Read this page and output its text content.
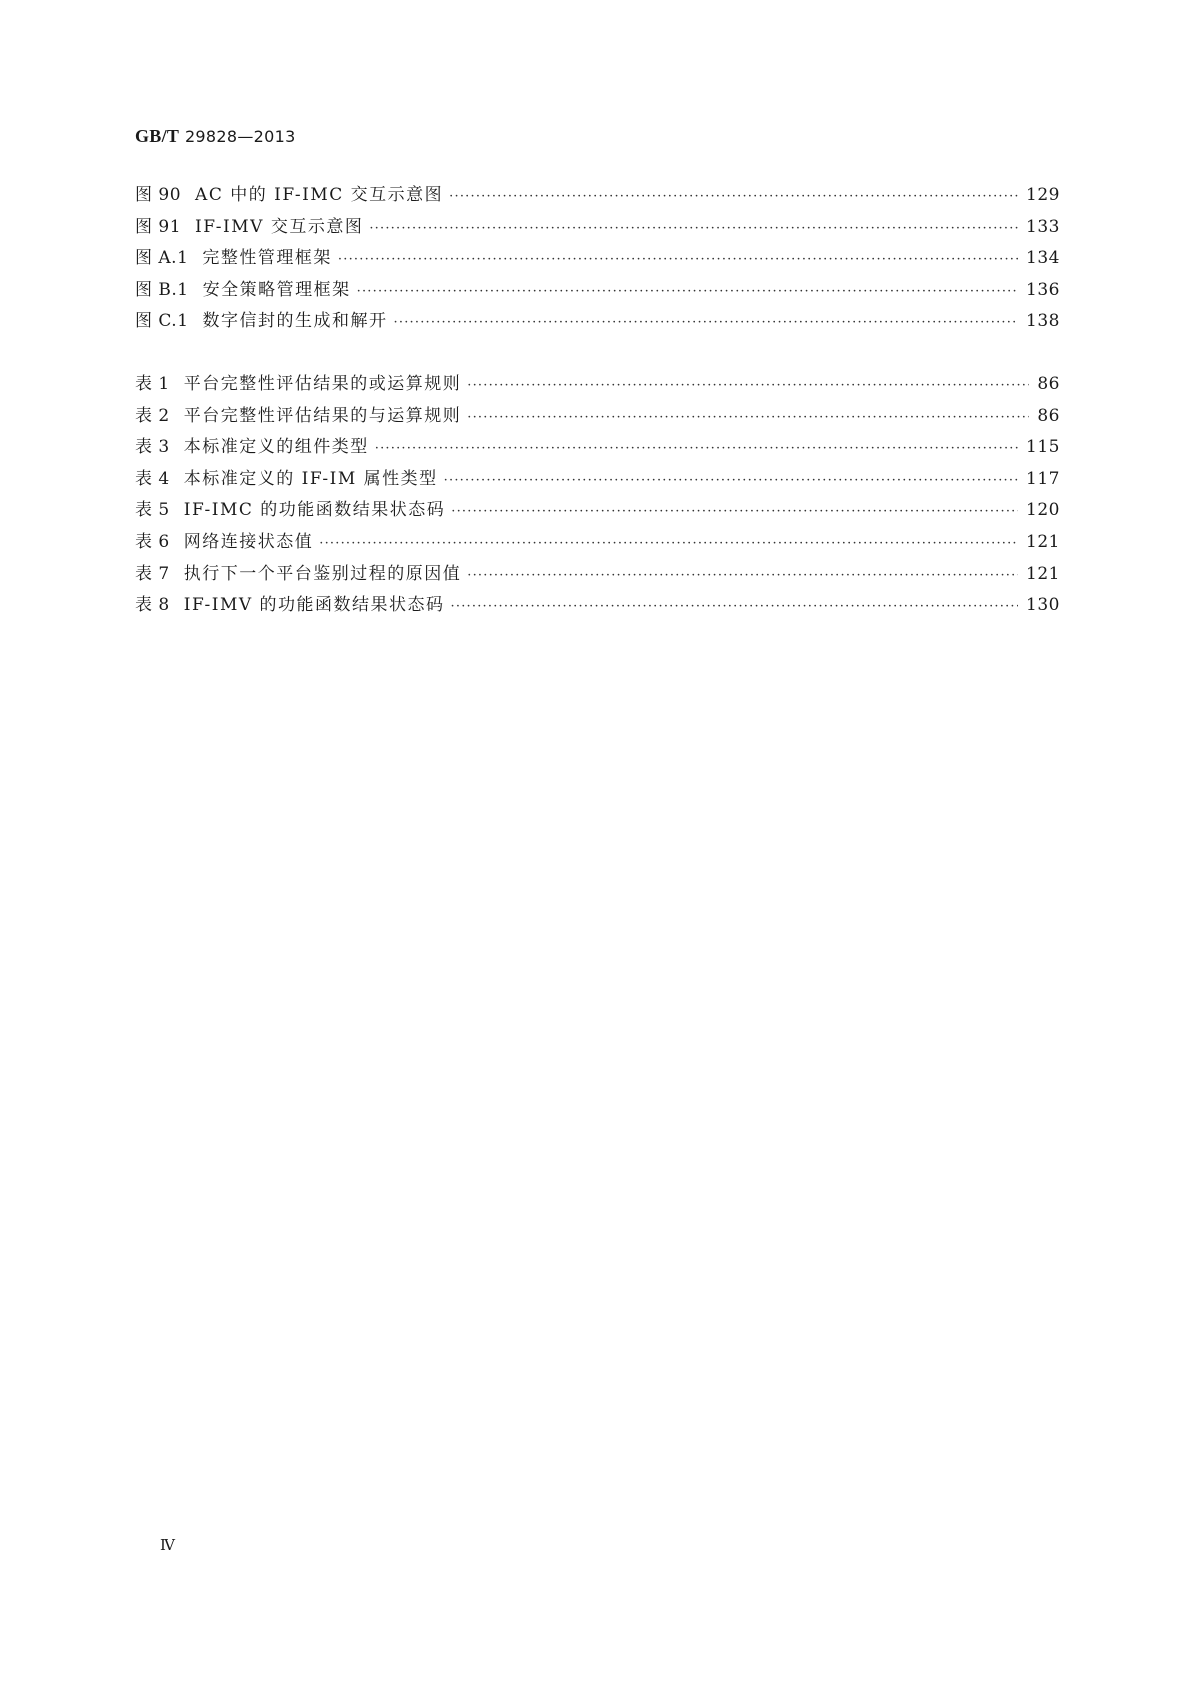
GB/T 29828—2013
图 90 AC 中的 IF-IMC 交互示意图 ·····	129
图 91 IF-IMV 交互示意图 ·····	133
图 A.1 完整性管理框架 ·····	134
图 B.1 安全策略管理框架 ·····	136
图 C.1 数字信封的生成和解开 ·····	138
表 1 平台完整性评估结果的或运算规则 ·····	86
表 2 平台完整性评估结果的与运算规则 ·····	86
表 3 本标准定义的组件类型 ·····	115
表 4 本标准定义的 IF-IM 属性类型 ·····	117
表 5 IF-IMC 的功能函数结果状态码 ·····	120
表 6 网络连接状态值 ·····	121
表 7 执行下一个平台鉴别过程的原因值 ·····	121
表 8 IF-IMV 的功能函数结果状态码 ·····	130
Ⅳ
